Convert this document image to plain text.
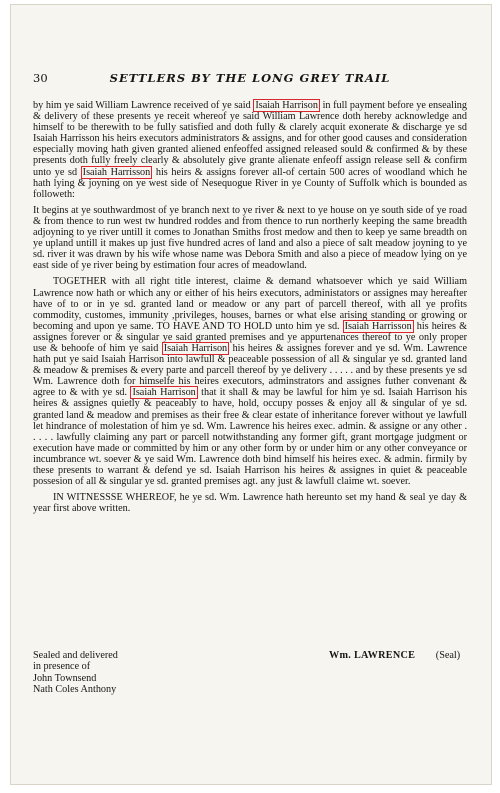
30	SETTLERS BY THE LONG GREY TRAIL

by him ye said William Lawrence received of ye said Isaiah Harrison in full payment before ye ensealing & delivery of these presents ye receit whereof ye said William Lawrence doth hereby acknowledge and himself to be therewith to be fully satisfied and doth fully & clarely acquit exonerate & discharge ye sd Isaiah Harrisson his heirs executors administrators & assigns, and for other good causes and consideration especially moving hath given granted aliened enfeoffed assigned released sould & confirmed & by these presents doth fully freely clearly & absolutely give grante alienate enfeoff assign release sell & confirm unto ye sd Isaiah Harrisson his heirs & assigns forever all-of certain 500 acres of woodland which he hath lying & joyning on ye west side of Nesequogue River in ye County of Suffolk which is bounded as followeth:

It begins at ye southwardmost of ye branch next to ye river & next to ye house on ye south side of ye road & from thence to run west tw hundred roddes and from thence to run northerly keeping the same breadth adjoyning to ye river untill it comes to Jonathan Smiths frost medow and then to keep ye same breadth on ye upland untill it makes up just five hundred acres of land and also a piece of salt meadow joyning to ye sd. river it was drawn by his wife whose name was Debora Smith and also a piece of meadow lying on ye east side of ye river being by estimation four acres of meadowland.

TOGETHER with all right title interest, claime & demand whatsoever which ye said William Lawrence now hath or which any or either of his heirs executors, administators or assignes may hereafter have of to or in ye sd. granted land or meadow or any part of parcell thereof, with all ye profits commodity, customes, immunity ,privileges, houses, barnes or what else arising standing or growing or becoming and upon ye same. TO HAVE AND TO HOLD unto him ye sd. Isaiah Harrisson his heires & assignes forever or & singular ye said granted premises and ye appurtenances thereof to ye only proper use & behoofe of him ye said Isaiah Harrison his heires & assignes forever and ye sd. Wm. Lawrence hath put ye said Isaiah Harrison into lawfull & peaceable possession of all & singular ye sd. granted land & meadow & premises & every parte and parcell thereof by ye delivery . . . . . and by these presents ye sd Wm. Lawrence doth for himselfe his heires executors, adminstrators and assignes futher convenant & agree to & with ye sd. Isaiah Harrison that it shall & may be lawful for him ye sd. Isaiah Harrison his heires & assignes quietly & peaceably to have, hold, occupy posses & enjoy all & singular of ye sd. granted land & meadow and premises as their free & clear estate of inheritance forever without ye lawfull let hindrance of molestation of him ye sd. Wm. Lawrence his heires exec. admin. & assigne or any other . . . . . lawfully claiming any part or parcell notwithstanding any former gift, grant mortgage judgment or execution have made or committed by him or any other form by or under him or any other conveyance or incumbrance wt. soever & ye said Wm. Lawrence doth bind himself his heires exec. & admin. firmily by these presents to warrant & defend ye sd. Isaiah Harrison his heires & assignes in quiet & peaceable possesion of all & singular ye sd. granted premises agt. any just & lawfull claime wt. soever.

IN WITNESSSE WHEREOF, he ye sd. Wm. Lawrence hath hereunto set my hand & seal ye day & year first above written.

Sealed and delivered
in presence of
John Townsend
Nath Coles Anthony
Wm. LAWRENCE (Seal)
